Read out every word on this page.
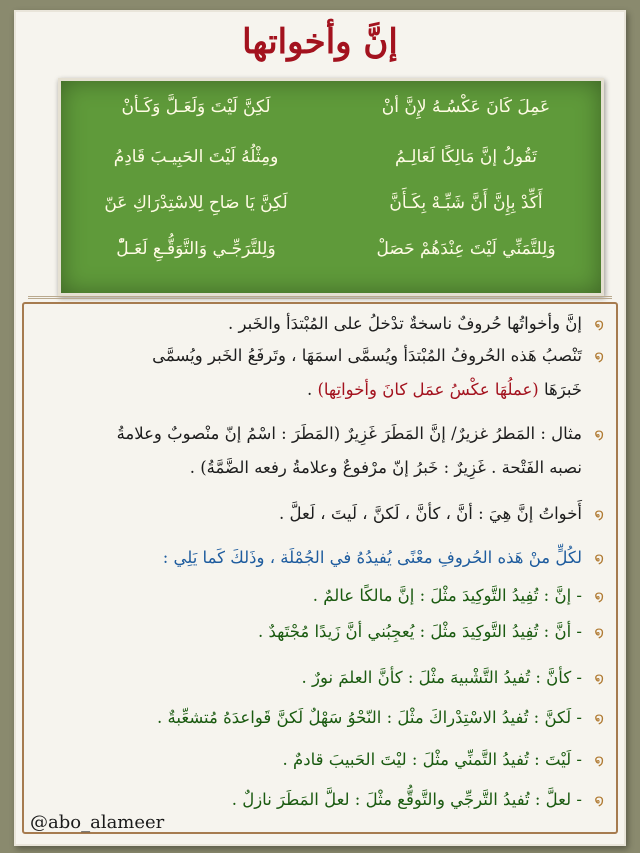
إنَّ وأخواتها
عَمِلَ كَانَ عَكْسُـهُ لإِنَّ أنْ
لَكِنَّ لَيْتَ وَلَعَـلَّ وَكَـأنْ
تَقُولُ إنَّ مَالِكًا لَعَالِـمُ
ومِثْلُهُ لَيْتَ الحَبِيـبَ قَادِمُ
أَكِّدْ بِإِنَّ أَنَّ شَبِّـهْ بِكَـأَنَّ
لَكِنَّ يَا صَاحِ لِلاسْتِدْرَاكِ عَنّ
وَلِلتَّمَنِّي لَيْتَ عِنْدَهُمْ حَصَلْ
وَلِلتَّرَجِّـي وَالتَّوَقُّـعِ لَعَـلّْ
໑إنَّ وأخواتُها حُروفٌ ناسخةٌ تدْخلُ على المُبْتدَأ والخَبر .
໑تَنْصبُ هَذه الحُروفُ المُبْتدَأ ويُسمَّى اسمَهَا ، وتَرفَعُ الخَبر ويُسمَّى
خَبرَهَا (عملُهَا عكْسُ عمَل كانَ وأخواتِها) .
໑مثال : المَطرُ غزيرٌ/ إنَّ المَطَرَ غَزِيرٌ (المَطَرَ : اسْمُ إنّ منْصوبٌ وعلامةُ
نصبه الفَتْحة . غَزِيرٌ : خَبرُ إنّ مرْفوعٌ وعلامةُ رفعه الضَّمَّةُ) .
໑أَخواتُ إنَّ هِيَ : أنَّ ، كأنَّ ، لَكنَّ ، لَيتَ ، لَعلَّ .
໑لكُلٍّ منْ هَذه الحُروفِ معْنًى يُفيدُهُ في الجُمْلَة ، وذَلكَ كَما يَلِي :
໑- إنَّ : تُفِيدُ التَّوكِيدَ مثْلَ : إنَّ مالكًا عالمٌ .
໑- أنَّ : تُفِيدُ التَّوكِيدَ مثْلَ : يُعجِبُني أنَّ زَيدًا مُجْتَهدٌ .
໑- كأنَّ : تُفيدُ التَّشْبيهَ مثْلَ : كأنَّ العلمَ نورٌ .
໑- لَكنَّ : تُفيدُ الاسْتِدْراكَ مثْلَ : النّحْوُ سَهْلٌ لَكنَّ قَواعدَهُ مُتشعِّبةٌ .
໑- لَيْتَ : تُفيدُ التَّمنِّي مثْلَ : ليْتَ الحَبيبَ قادمٌ .
໑- لعلَّ : تُفيدُ التَّرجِّي والتَّوقُّع مثْلَ : لعلَّ المَطَرَ نازلٌ .
@abo_alameer
